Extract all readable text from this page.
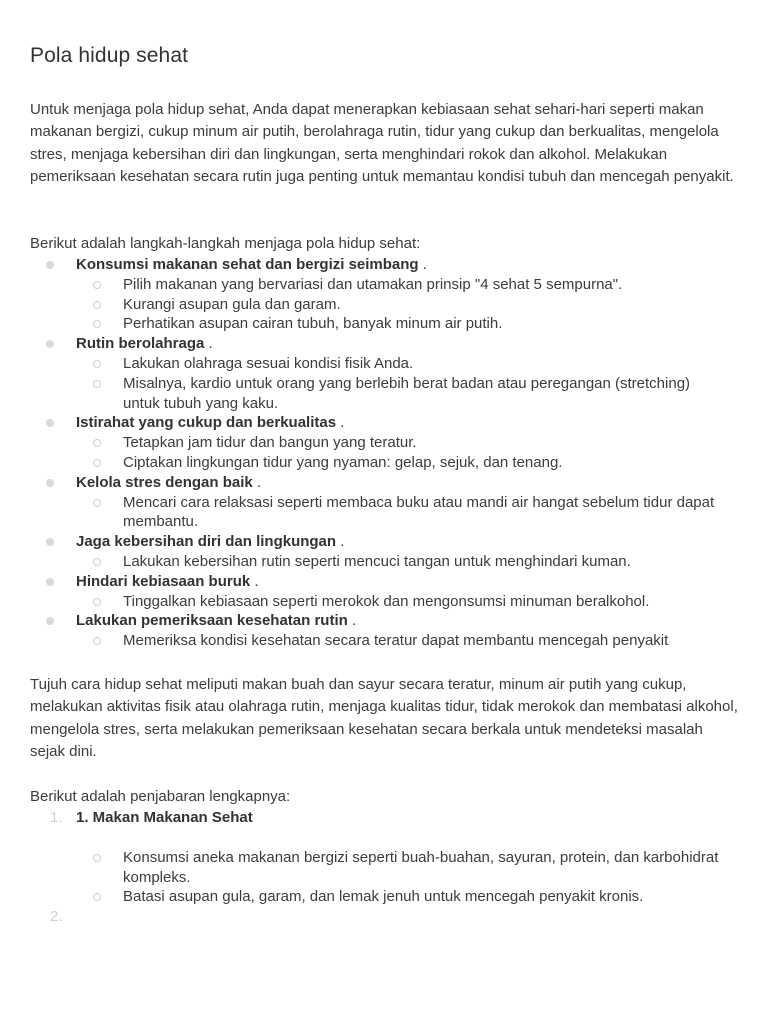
Pola hidup sehat

Untuk menjaga pola hidup sehat, Anda dapat menerapkan kebiasaan sehat sehari-hari seperti makan makanan bergizi, cukup minum air putih, berolahraga rutin, tidur yang cukup dan berkualitas, mengelola stres, menjaga kebersihan diri dan lingkungan, serta menghindari rokok dan alkohol. Melakukan pemeriksaan kesehatan secara rutin juga penting untuk memantau kondisi tubuh dan mencegah penyakit.

Berikut adalah langkah-langkah menjaga pola hidup sehat:

Konsumsi makanan sehat dan bergizi seimbang .
Pilih makanan yang bervariasi dan utamakan prinsip "4 sehat 5 sempurna".
Kurangi asupan gula dan garam.
Perhatikan asupan cairan tubuh, banyak minum air putih.
Rutin berolahraga .
Lakukan olahraga sesuai kondisi fisik Anda.
Misalnya, kardio untuk orang yang berlebih berat badan atau peregangan (stretching) untuk tubuh yang kaku.
Istirahat yang cukup dan berkualitas .
Tetapkan jam tidur dan bangun yang teratur.
Ciptakan lingkungan tidur yang nyaman: gelap, sejuk, dan tenang.
Kelola stres dengan baik .
Mencari cara relaksasi seperti membaca buku atau mandi air hangat sebelum tidur dapat membantu.
Jaga kebersihan diri dan lingkungan .
Lakukan kebersihan rutin seperti mencuci tangan untuk menghindari kuman.
Hindari kebiasaan buruk .
Tinggalkan kebiasaan seperti merokok dan mengonsumsi minuman beralkohol.
Lakukan pemeriksaan kesehatan rutin .
Memeriksa kondisi kesehatan secara teratur dapat membantu mencegah penyakit

Tujuh cara hidup sehat meliputi makan buah dan sayur secara teratur, minum air putih yang cukup, melakukan aktivitas fisik atau olahraga rutin, menjaga kualitas tidur, tidak merokok dan membatasi alkohol, mengelola stres, serta melakukan pemeriksaan kesehatan secara berkala untuk mendeteksi masalah sejak dini.

Berikut adalah penjabaran lengkapnya:

1. 1. Makan Makanan Sehat
Konsumsi aneka makanan bergizi seperti buah-buahan, sayuran, protein, dan karbohidrat kompleks.
Batasi asupan gula, garam, dan lemak jenuh untuk mencegah penyakit kronis.
2.
